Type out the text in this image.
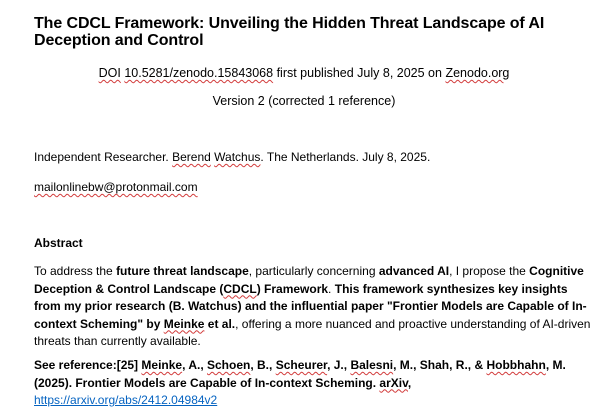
The CDCL Framework: Unveiling the Hidden Threat Landscape of AI Deception and Control
DOI 10.5281/zenodo.15843068 first published July 8, 2025 on Zenodo.org
Version 2 (corrected 1 reference)
Independent Researcher. Berend Watchus. The Netherlands. July 8, 2025.
mailonlinebw@protonmail.com
Abstract
To address the future threat landscape, particularly concerning advanced AI, I propose the Cognitive Deception & Control Landscape (CDCL) Framework. This framework synthesizes key insights from my prior research (B. Watchus) and the influential paper "Frontier Models are Capable of In-context Scheming" by Meinke et al., offering a more nuanced and proactive understanding of AI-driven threats than currently available.
See reference:[25] Meinke, A., Schoen, B., Scheurer, J., Balesni, M., Shah, R., & Hobbhahn, M. (2025). Frontier Models are Capable of In-context Scheming. arXiv, https://arxiv.org/abs/2412.04984v2
